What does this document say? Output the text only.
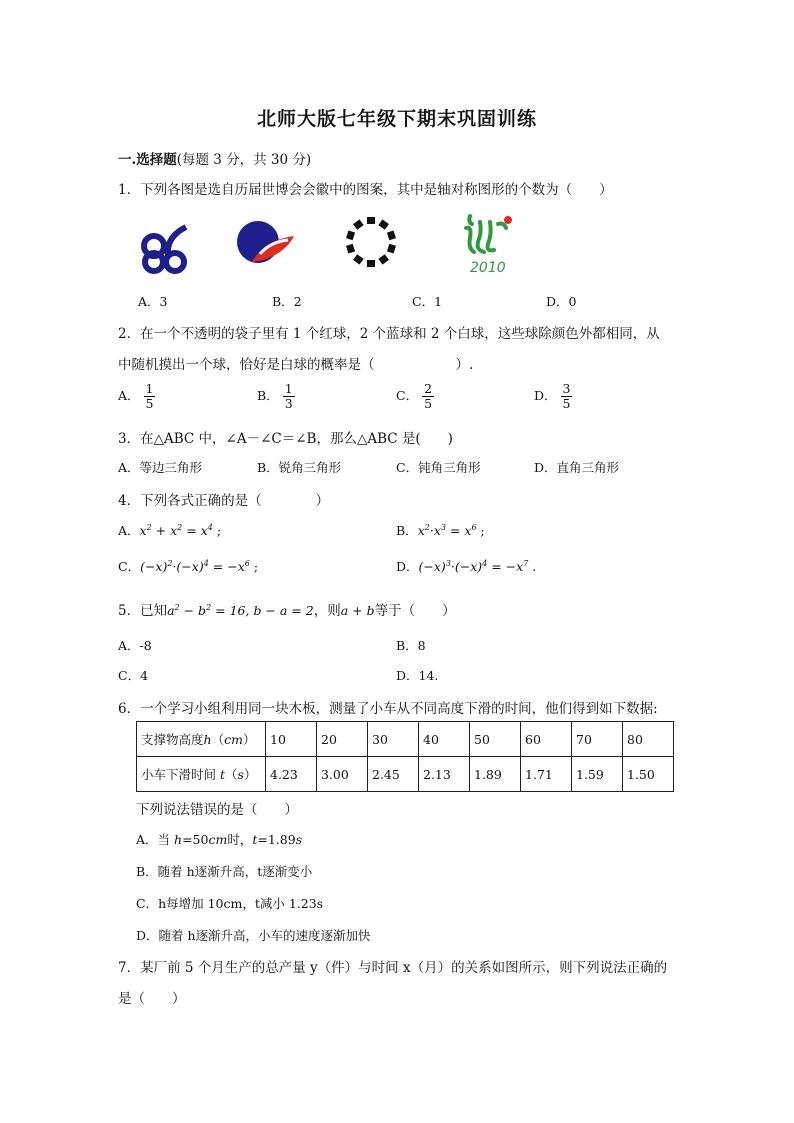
北师大版七年级下期末巩固训练
一.选择题(每题 3 分，共 30 分)
1．下列各图是选自历届世博会会徽中的图案，其中是轴对称图形的个数为（　　）
2010
A．3	B．2	C．1	D．0
2．在一个不透明的袋子里有 1 个红球，2 个蓝球和 2 个白球，这些球除颜色外都相同，从
中随机摸出一个球，恰好是白球的概率是（　　　　　　）.
A． $\frac{1}{5}$	B． $\frac{1}{3}$	C． $\frac{2}{5}$	D． $\frac{3}{5}$
3．在△ABC 中，∠A－∠C＝∠B，那么△ABC 是(　　)
A．等边三角形	B．锐角三角形	C．钝角三角形	D．直角三角形
4．下列各式正确的是（　　　　）
A．$x^2 + x^2 = x^4$ ;	B．$x^2\cdot x^3 = x^6$ ;
C．$(-x)^2\cdot(-x)^4 = -x^6$ ;	D．$(-x)^3\cdot(-x)^4 = -x^7$ .
5．已知$a^2 - b^2 = 16$, b − a = 2，则a + b等于（　　）
A．-8	B．8
C．4	D．14.
6．一个学习小组利用同一块木板，测量了小车从不同高度下滑的时间，他们得到如下数据:
支撑物高度h（cm）	10	20	30	40	50	60	70	80
小车下滑时间 t（s）	4.23	3.00	2.45	2.13	1.89	1.71	1.59	1.50
下列说法错误的是（　　）
A．当 h=50cm时，t=1.89s
B．随着 h逐渐升高，t逐渐变小
C．h每增加 10cm，t减小 1.23s
D．随着 h逐渐升高，小车的速度逐渐加快
7．某厂前 5 个月生产的总产量 y（件）与时间 x（月）的关系如图所示，则下列说法正确的
是（　　）
